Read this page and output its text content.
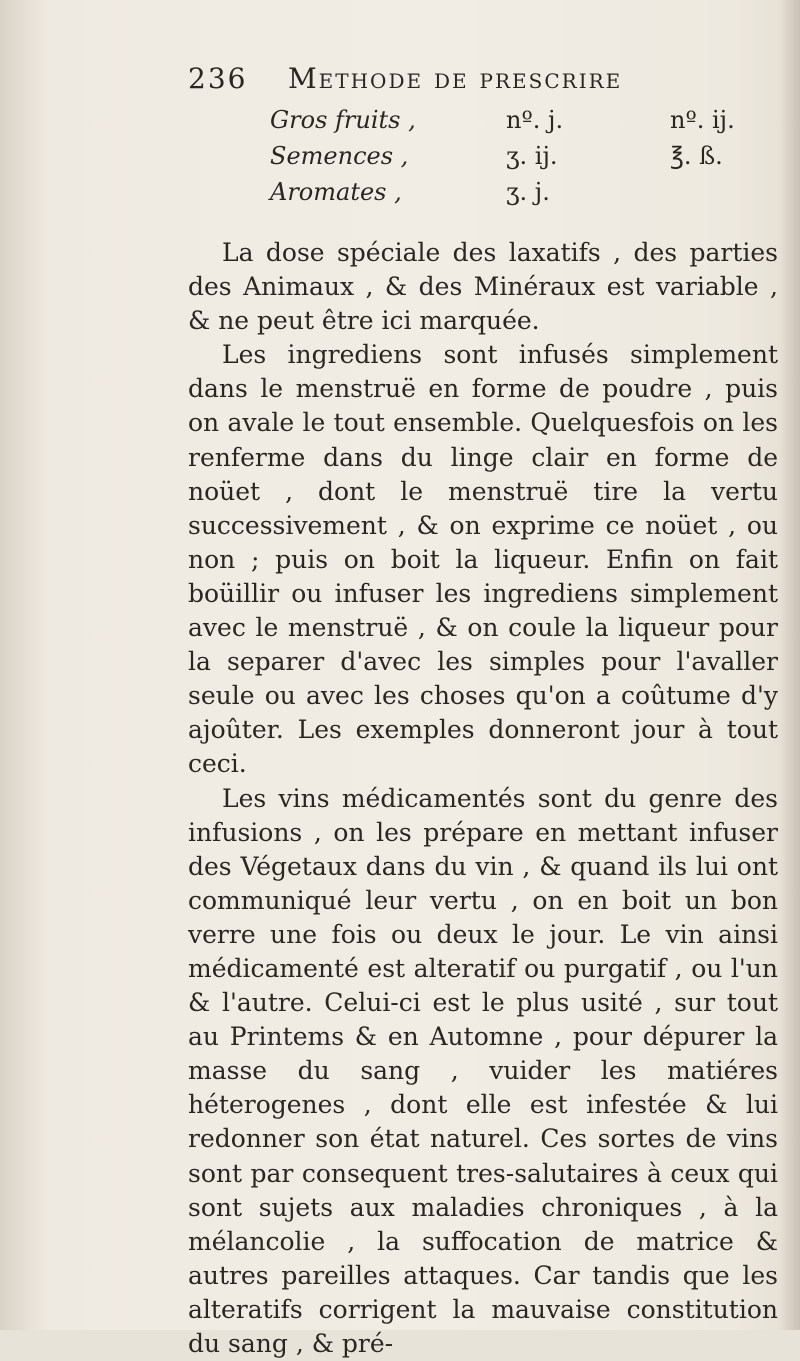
236	Methode de prescrire
Gros fruits ,	nº. j.	nº. ij.
Semences ,	ʒ. ij.	℥. ß.
Aromates ,	ʒ. j.

La dose spéciale des laxatifs , des parties des Animaux , & des Minéraux est variable , & ne peut être ici marquée.

Les ingrediens sont infusés simplement dans le menstruë en forme de poudre , puis on avale le tout ensemble. Quelquesfois on les renferme dans du linge clair en forme de noüet , dont le menstruë tire la vertu successivement , & on exprime ce noüet , ou non ; puis on boit la liqueur. Enfin on fait boüillir ou infuser les ingrediens simplement avec le menstruë , & on coule la liqueur pour la separer d'avec les simples pour l'avaller seule ou avec les choses qu'on a coûtume d'y ajoûter. Les exemples donneront jour à tout ceci.

Les vins médicamentés sont du genre des infusions , on les prépare en mettant infuser des Végetaux dans du vin , & quand ils lui ont communiqué leur vertu , on en boit un bon verre une fois ou deux le jour. Le vin ainsi médicamenté est alteratif ou purgatif , ou l'un & l'autre. Celui-ci est le plus usité , sur tout au Printems & en Automne , pour dépurer la masse du sang , vuider les matiéres héterogenes , dont elle est infestée & lui redonner son état naturel. Ces sortes de vins sont par consequent tres-salutaires à ceux qui sont sujets aux maladies chroniques , à la mélancolie , la suffocation de matrice & autres pareilles attaques. Car tandis que les alteratifs corrigent la mauvaise constitution du sang , & pré-
